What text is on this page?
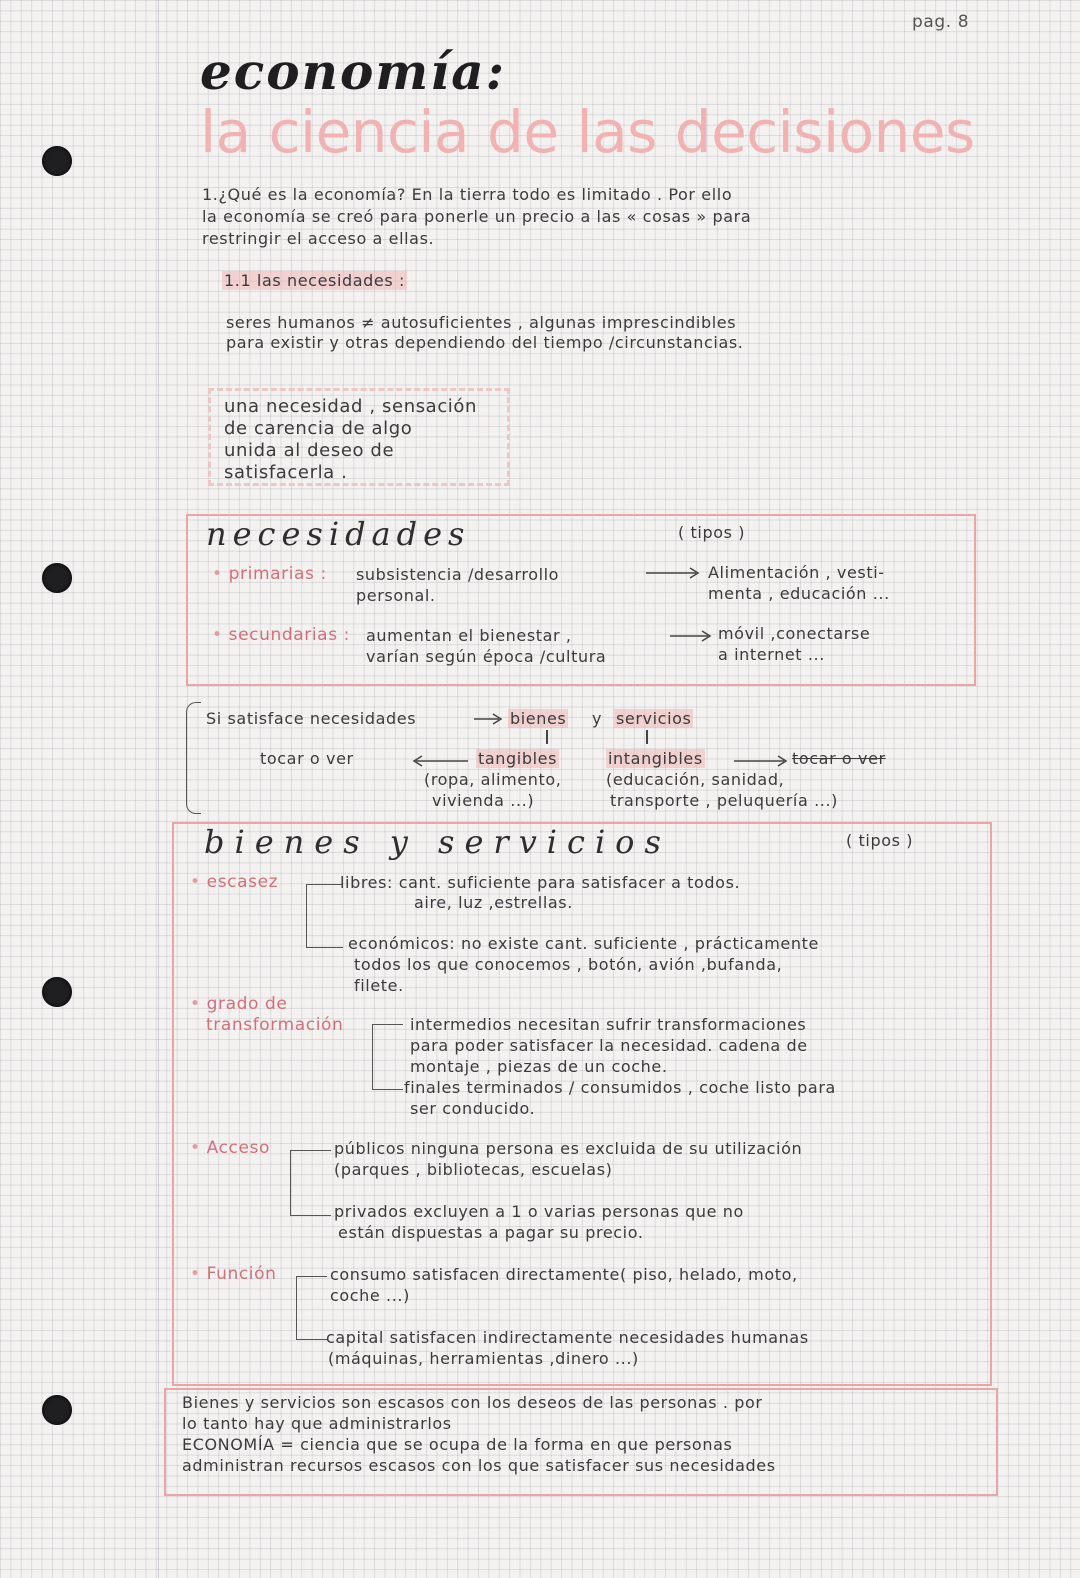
pag. 8
economía:
la ciencia de las decisiones
1.¿Qué es la economía? En la tierra todo es limitado . Por ello
la economía se creó para ponerle un precio a las « cosas » para
restringir el acceso a ellas.
1.1 las necesidades :
seres humanos ≠ autosuficientes , algunas imprescindibles
para existir y otras dependiendo del tiempo /circunstancias.
una necesidad , sensación
de carencia de algo
unida al deseo de
satisfacerla .
necesidades	( tipos )
• primarias : subsistencia /desarrollo
personal.
Alimentación , vesti-
menta , educación ...
• secundarias : aumentan el bienestar ,
varían según época /cultura
móvil ,conectarse
a internet ...
Si satisface necesidades	bienes y servicios
tocar o ver	tangibles	intangibles	tocar o ver
(ropa, alimento,
vivienda ...)
(educación, sanidad,
transporte , peluquería ...)
bienes y servicios	( tipos )
• escasez	libres: cant. suficiente para satisfacer a todos.
aire, luz ,estrellas.
económicos: no existe cant. suficiente , prácticamente
todos los que conocemos , botón, avión ,bufanda,
filete.
• grado de
transformación	intermedios necesitan sufrir transformaciones
para poder satisfacer la necesidad. cadena de
montaje , piezas de un coche.
finales terminados / consumidos , coche listo para
ser conducido.
• Acceso	públicos ninguna persona es excluida de su utilización
(parques , bibliotecas, escuelas)
privados excluyen a 1 o varias personas que no
están dispuestas a pagar su precio.
• Función	consumo satisfacen directamente( piso, helado, moto,
coche ...)
capital satisfacen indirectamente necesidades humanas
(máquinas, herramientas ,dinero ...)
Bienes y servicios son escasos con los deseos de las personas . por
lo tanto hay que administrarlos
ECONOMÍA = ciencia que se ocupa de la forma en que personas
administran recursos escasos con los que satisfacer sus necesidades
